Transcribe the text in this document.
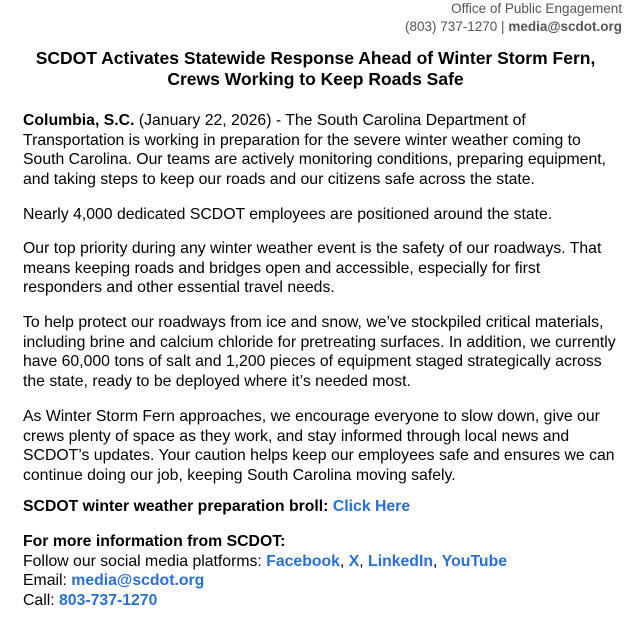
Office of Public Engagement
(803) 737-1270 | media@scdot.org
SCDOT Activates Statewide Response Ahead of Winter Storm Fern,
Crews Working to Keep Roads Safe

Columbia, S.C. (January 22, 2026) - The South Carolina Department of Transportation is working in preparation for the severe winter weather coming to South Carolina. Our teams are actively monitoring conditions, preparing equipment, and taking steps to keep our roads and our citizens safe across the state.

Nearly 4,000 dedicated SCDOT employees are positioned around the state.

Our top priority during any winter weather event is the safety of our roadways. That means keeping roads and bridges open and accessible, especially for first responders and other essential travel needs.

To help protect our roadways from ice and snow, we’ve stockpiled critical materials, including brine and calcium chloride for pretreating surfaces. In addition, we currently have 60,000 tons of salt and 1,200 pieces of equipment staged strategically across the state, ready to be deployed where it’s needed most.

As Winter Storm Fern approaches, we encourage everyone to slow down, give our crews plenty of space as they work, and stay informed through local news and SCDOT’s updates. Your caution helps keep our employees safe and ensures we can continue doing our job, keeping South Carolina moving safely.

SCDOT winter weather preparation broll: Click Here

For more information from SCDOT:
Follow our social media platforms: Facebook, X, LinkedIn, YouTube
Email: media@scdot.org
Call: 803-737-1270
